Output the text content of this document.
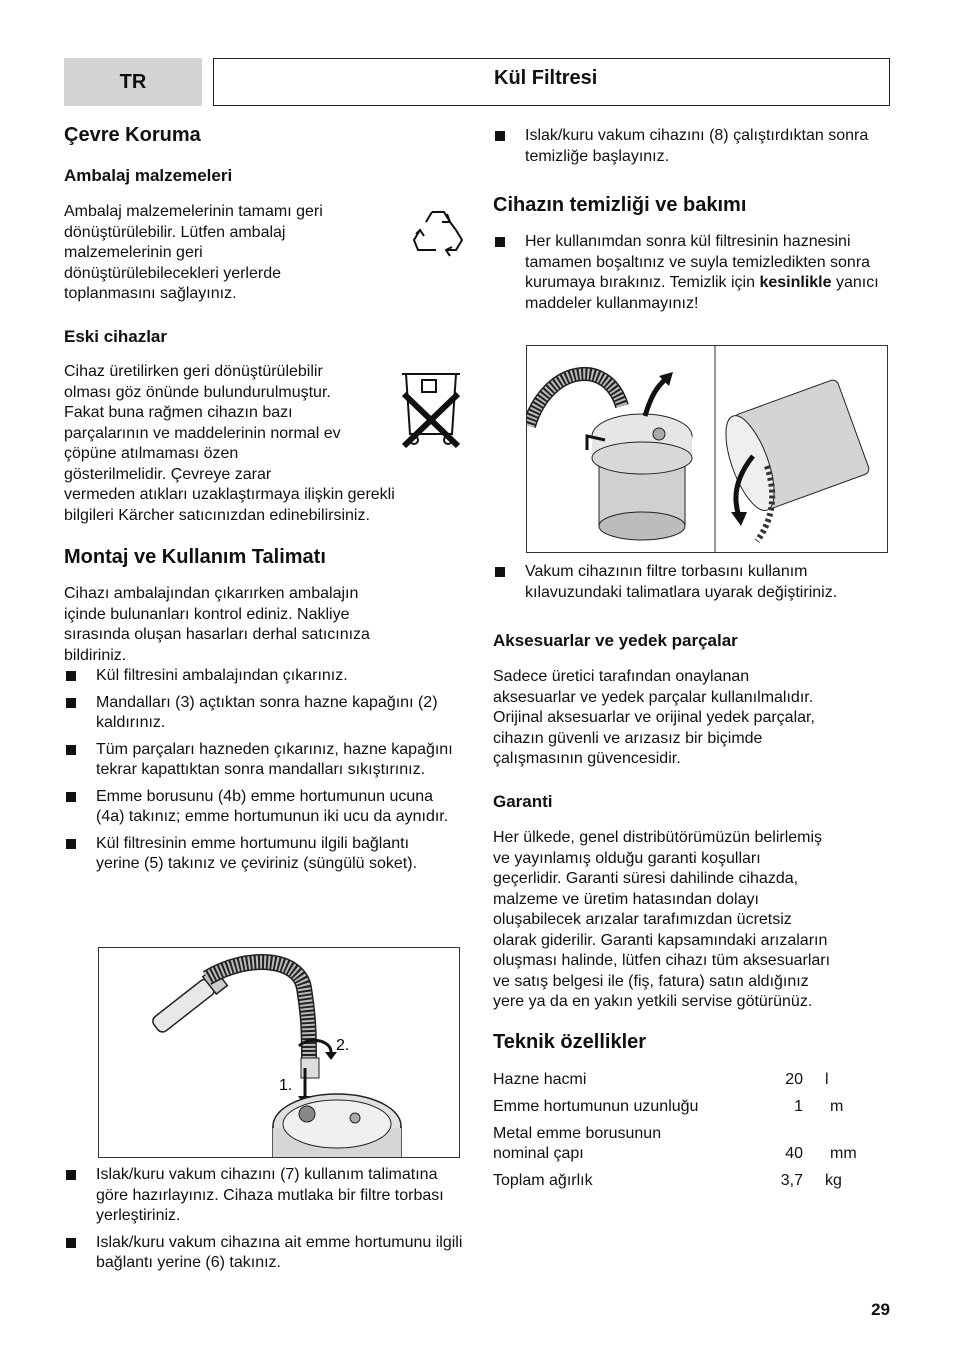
TR	Kül Filtresi
Çevre Koruma
Ambalaj malzemeleri
Ambalaj malzemelerinin tamamı geri
dönüştürülebilir. Lütfen ambalaj
malzemelerinin geri
dönüştürülebilecekleri yerlerde
toplanmasını sağlayınız.
Eski cihazlar
Cihaz üretilirken geri dönüştürülebilir
olması göz önünde bulundurulmuştur.
Fakat buna rağmen cihazın bazı
parçalarının ve maddelerinin normal ev
çöpüne atılmaması özen
gösterilmelidir. Çevreye zarar
vermeden atıkları uzaklaştırmaya ilişkin gerekli
bilgileri Kärcher satıcınızdan edinebilirsiniz.
Montaj ve Kullanım Talimatı
Cihazı ambalajından çıkarırken ambalajın
içinde bulunanları kontrol ediniz. Nakliye
sırasında oluşan hasarları derhal satıcınıza
bildiriniz.
Kül filtresini ambalajından çıkarınız.
Mandalları (3) açtıktan sonra hazne kapağını (2) kaldırınız.
Tüm parçaları hazneden çıkarınız, hazne kapağını tekrar kapattıktan sonra mandalları sıkıştırınız.
Emme borusunu (4b) emme hortumunun ucuna (4a) takınız; emme hortumunun iki ucu da aynıdır.
Kül filtresinin emme hortumunu ilgili bağlantı yerine (5) takınız ve çeviriniz (süngülü soket).
2.
1.
Islak/kuru vakum cihazını (7) kullanım talimatına göre hazırlayınız. Cihaza mutlaka bir filtre torbası yerleştiriniz.
Islak/kuru vakum cihazına ait emme hortumunu ilgili bağlantı yerine (6) takınız.
Islak/kuru vakum cihazını (8) çalıştırdıktan sonra temizliğe başlayınız.
Cihazın temizliği ve bakımı
Her kullanımdan sonra kül filtresinin haznesini tamamen boşaltınız ve suyla temizledikten sonra kurumaya bırakınız. Temizlik için kesinlikle yanıcı maddeler kullanmayınız!
Vakum cihazının filtre torbasını kullanım kılavuzundaki talimatlara uyarak değiştiriniz.
Aksesuarlar ve yedek parçalar
Sadece üretici tarafından onaylanan
aksesuarlar ve yedek parçalar kullanılmalıdır.
Orijinal aksesuarlar ve orijinal yedek parçalar,
cihazın güvenli ve arızasız bir biçimde
çalışmasının güvencesidir.
Garanti
Her ülkede, genel distribütörümüzün belirlemiş
ve yayınlamış olduğu garanti koşulları
geçerlidir. Garanti süresi dahilinde cihazda,
malzeme ve üretim hatasından dolayı
oluşabilecek arızalar tarafımızdan ücretsiz
olarak giderilir. Garanti kapsamındaki arızaların
oluşması halinde, lütfen cihazı tüm aksesuarları
ve satış belgesi ile (fiş, fatura) satın aldığınız
yere ya da en yakın yetkili servise götürünüz.
Teknik özellikler
Hazne hacmi	20 l
Emme hortumunun uzunluğu	1 m
Metal emme borusunun
nominal çapı	40 mm
Toplam ağırlık	3,7 kg
29
